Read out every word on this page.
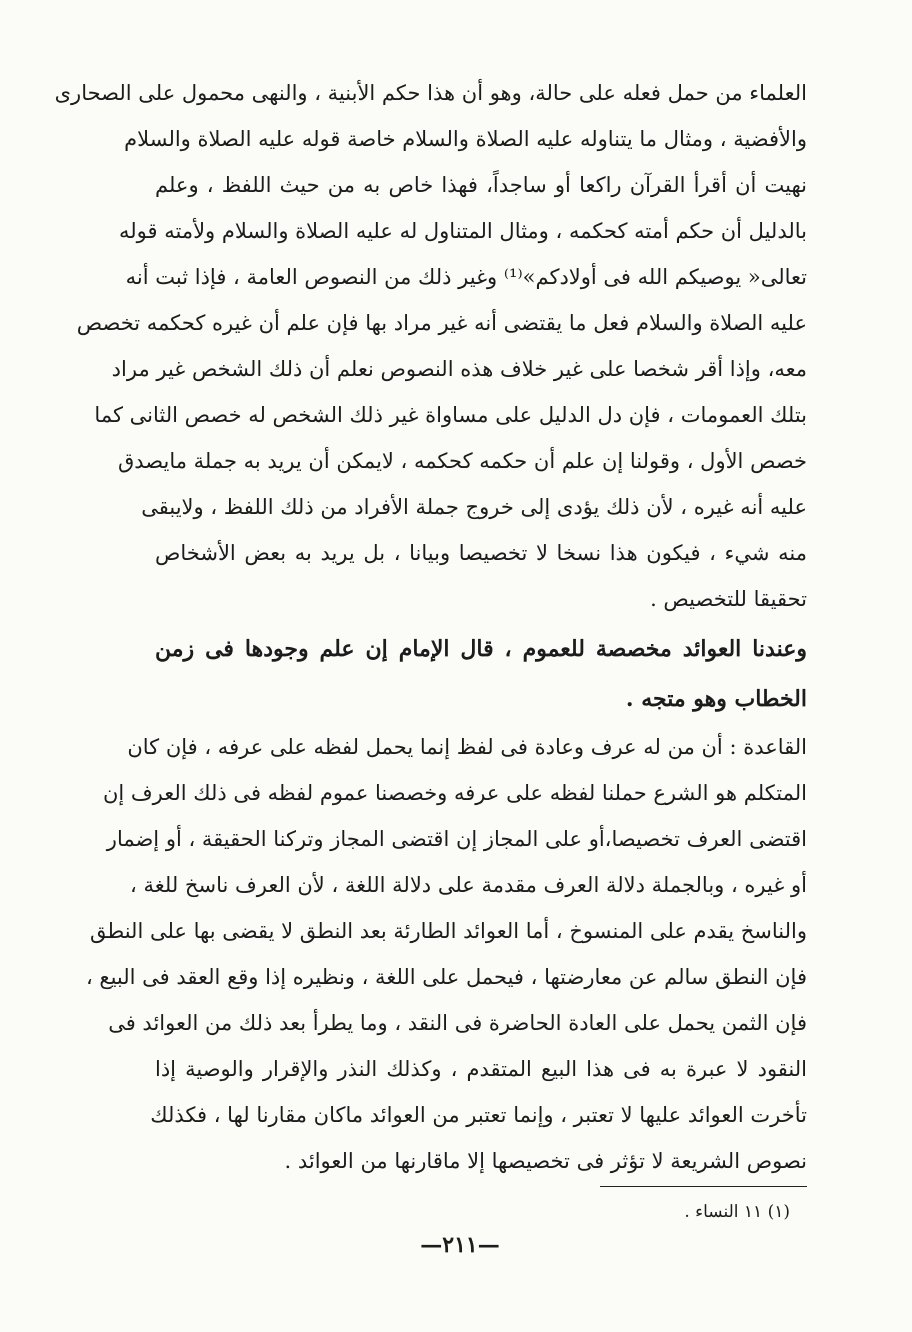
العلماء من حمل فعله على حالة، وهو أن هذا حكم الأبنية ، والنهى محمول على الصحارى
والأفضية ، ومثال ما يتناوله عليه الصلاة والسلام خاصة قوله عليه الصلاة والسلام
نهيت أن أقرأ القرآن راكعا أو ساجداً، فهذا خاص به من حيث اللفظ ، وعلم
بالدليل أن حكم أمته كحكمه ، ومثال المتناول له عليه الصلاة والسلام ولأمته قوله
تعالى« يوصيكم الله فى أولادكم»⁽¹⁾ وغير ذلك من النصوص العامة ، فإذا ثبت أنه
عليه الصلاة والسلام فعل ما يقتضى أنه غير مراد بها فإن علم أن غيره كحكمه تخصص
معه، وإذا أقر شخصا على غير خلاف هذه النصوص نعلم أن ذلك الشخص غير مراد
بتلك العمومات ، فإن دل الدليل على مساواة غير ذلك الشخص له خصص الثانى كما
خصص الأول ، وقولنا إن علم أن حكمه كحكمه ، لايمكن أن يريد به جملة مايصدق
عليه أنه غيره ، لأن ذلك يؤدى إلى خروج جملة الأفراد من ذلك اللفظ ، ولايبقى
منه شيء ، فيكون هذا نسخا لا تخصيصا وبيانا ، بل يريد به بعض الأشخاص
تحقيقا للتخصيص .
وعندنا العوائد مخصصة للعموم ، قال الإمام إن علم وجودها فى زمن
الخطاب وهو متجه .
القاعدة : أن من له عرف وعادة فى لفظ إنما يحمل لفظه على عرفه ، فإن كان
المتكلم هو الشرع حملنا لفظه على عرفه وخصصنا عموم لفظه فى ذلك العرف إن
اقتضى العرف تخصيصا،أو على المجاز إن اقتضى المجاز وتركنا الحقيقة ، أو إضمار
أو غيره ، وبالجملة دلالة العرف مقدمة على دلالة اللغة ، لأن العرف ناسخ للغة ،
والناسخ يقدم على المنسوخ ، أما العوائد الطارئة بعد النطق لا يقضى بها على النطق
فإن النطق سالم عن معارضتها ، فيحمل على اللغة ، ونظيره إذا وقع العقد فى البيع ،
فإن الثمن يحمل على العادة الحاضرة فى النقد ، وما يطرأ بعد ذلك من العوائد فى
النقود لا عبرة به فى هذا البيع المتقدم ، وكذلك النذر والإقرار والوصية إذا
تأخرت العوائد عليها لا تعتبر ، وإنما تعتبر من العوائد ماكان مقارنا لها ، فكذلك
نصوص الشريعة لا تؤثر فى تخصيصها إلا ماقارنها من العوائد .
(١) ١١ النساء .
—٢١١—
